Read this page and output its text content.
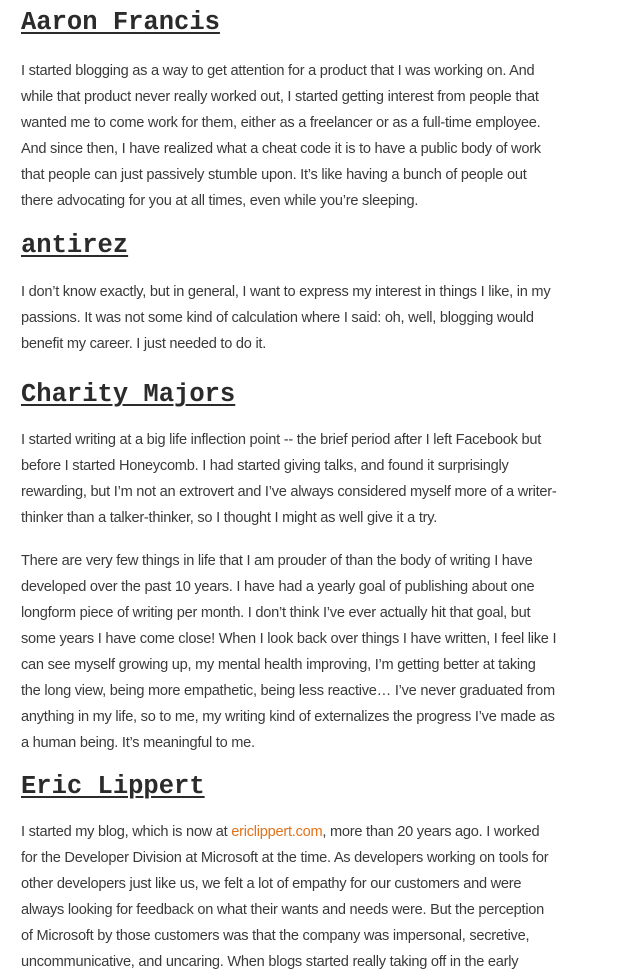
Aaron Francis
I started blogging as a way to get attention for a product that I was working on. And
while that product never really worked out, I started getting interest from people that
wanted me to come work for them, either as a freelancer or as a full-time employee.
And since then, I have realized what a cheat code it is to have a public body of work
that people can just passively stumble upon. It’s like having a bunch of people out
there advocating for you at all times, even while you’re sleeping.
antirez
I don’t know exactly, but in general, I want to express my interest in things I like, in my
passions. It was not some kind of calculation where I said: oh, well, blogging would
benefit my career. I just needed to do it.
Charity Majors
I started writing at a big life inflection point -- the brief period after I left Facebook but
before I started Honeycomb. I had started giving talks, and found it surprisingly
rewarding, but I’m not an extrovert and I’ve always considered myself more of a writer-
thinker than a talker-thinker, so I thought I might as well give it a try.
There are very few things in life that I am prouder of than the body of writing I have
developed over the past 10 years. I have had a yearly goal of publishing about one
longform piece of writing per month. I don’t think I’ve ever actually hit that goal, but
some years I have come close! When I look back over things I have written, I feel like I
can see myself growing up, my mental health improving, I’m getting better at taking
the long view, being more empathetic, being less reactive… I’ve never graduated from
anything in my life, so to me, my writing kind of externalizes the progress I’ve made as
a human being. It’s meaningful to me.
Eric Lippert
I started my blog, which is now at ericlippert.com, more than 20 years ago. I worked
for the Developer Division at Microsoft at the time. As developers working on tools for
other developers just like us, we felt a lot of empathy for our customers and were
always looking for feedback on what their wants and needs were. But the perception
of Microsoft by those customers was that the company was impersonal, secretive,
uncommunicative, and uncaring. When blogs started really taking off in the early
